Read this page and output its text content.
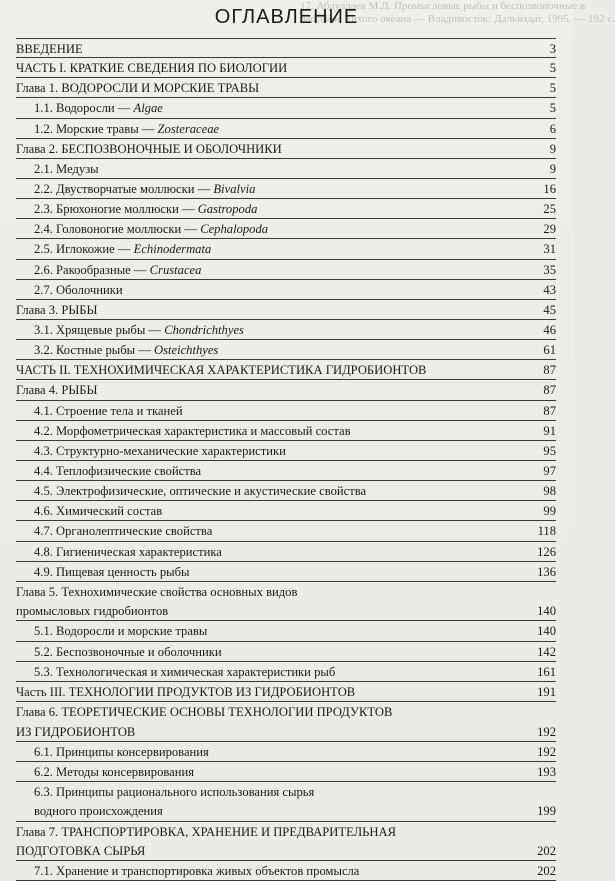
17. Абдуллаев М.Д. Промысловые рыбы и беспозвоночные в
бассейне Тихого океана — Владивосток: Дальиздат, 1995. — 192 с.
ОГЛАВЛЕНИЕ
ВВЕДЕНИЕ	3
ЧАСТЬ I. КРАТКИЕ СВЕДЕНИЯ ПО БИОЛОГИИ	5
Глава 1. ВОДОРОСЛИ И МОРСКИЕ ТРАВЫ	5
1.1. Водоросли — Algae	5
1.2. Морские травы — Zosteraceae	6
Глава 2. БЕСПОЗВОНОЧНЫЕ И ОБОЛОЧНИКИ	9
2.1. Медузы	9
2.2. Двустворчатые моллюски — Bivalvia	16
2.3. Брюхоногие моллюски — Gastropoda	25
2.4. Головоногие моллюски — Cephalopoda	29
2.5. Иглокожие — Echinodermata	31
2.6. Ракообразные — Crustacea	35
2.7. Оболочники	43
Глава 3. РЫБЫ	45
3.1. Хрящевые рыбы — Chondrichthyes	46
3.2. Костные рыбы — Osteichthyes	61
ЧАСТЬ II. ТЕХНОХИМИЧЕСКАЯ ХАРАКТЕРИСТИКА ГИДРОБИОНТОВ	87
Глава 4. РЫБЫ	87
4.1. Строение тела и тканей	87
4.2. Морфометрическая характеристика и массовый состав	91
4.3. Структурно-механические характеристики	95
4.4. Теплофизические свойства	97
4.5. Электрофизические, оптические и акустические свойства	98
4.6. Химический состав	99
4.7. Органолептические свойства	118
4.8. Гигиеническая характеристика	126
4.9. Пищевая ценность рыбы	136
Глава 5. Технохимические свойства основных видов
промысловых гидробионтов	140
5.1. Водоросли и морские травы	140
5.2. Беспозвоночные и оболочники	142
5.3. Технологическая и химическая характеристики рыб	161
Часть III. ТЕХНОЛОГИИ ПРОДУКТОВ ИЗ ГИДРОБИОНТОВ	191
Глава 6. ТЕОРЕТИЧЕСКИЕ ОСНОВЫ ТЕХНОЛОГИИ ПРОДУКТОВ
ИЗ ГИДРОБИОНТОВ	192
6.1. Принципы консервирования	192
6.2. Методы консервирования	193
6.3. Принципы рационального использования сырья
водного происхождения	199
Глава 7. ТРАНСПОРТИРОВКА, ХРАНЕНИЕ И ПРЕДВАРИТЕЛЬНАЯ
ПОДГОТОВКА СЫРЬЯ	202
7.1. Хранение и транспортировка живых объектов промысла	202
